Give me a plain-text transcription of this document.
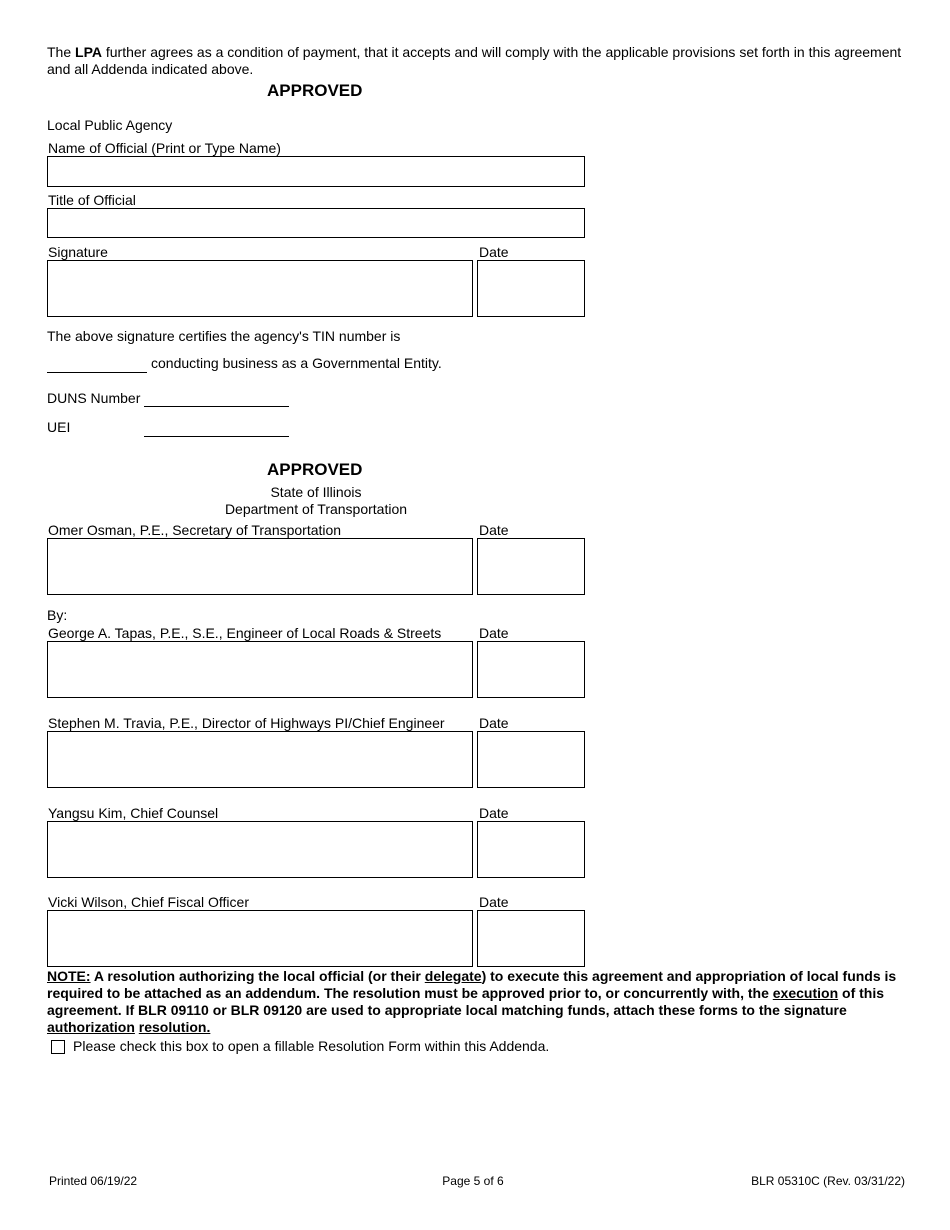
The LPA further agrees as a condition of payment, that it accepts and will comply with the applicable provisions set forth in this agreement and all Addenda indicated above.
APPROVED
Local Public Agency
Name of Official (Print or Type Name)
Title of Official
Signature	Date
The above signature certifies the agency's TIN number is
conducting business as a Governmental Entity.
DUNS Number
UEI
APPROVED
State of Illinois
Department of Transportation
Omer Osman, P.E., Secretary of Transportation	Date
By:
George A. Tapas, P.E., S.E., Engineer of Local Roads & Streets	Date
Stephen M. Travia, P.E., Director of Highways PI/Chief Engineer	Date
Yangsu Kim, Chief Counsel	Date
Vicki Wilson, Chief Fiscal Officer	Date
NOTE: A resolution authorizing the local official (or their delegate) to execute this agreement and appropriation of local funds is required to be attached as an addendum. The resolution must be approved prior to, or concurrently with, the execution of this agreement. If BLR 09110 or BLR 09120 are used to appropriate local matching funds, attach these forms to the signature authorization resolution.
Please check this box to open a fillable Resolution Form within this Addenda.
Printed 06/19/22	Page 5 of 6	BLR 05310C (Rev. 03/31/22)
